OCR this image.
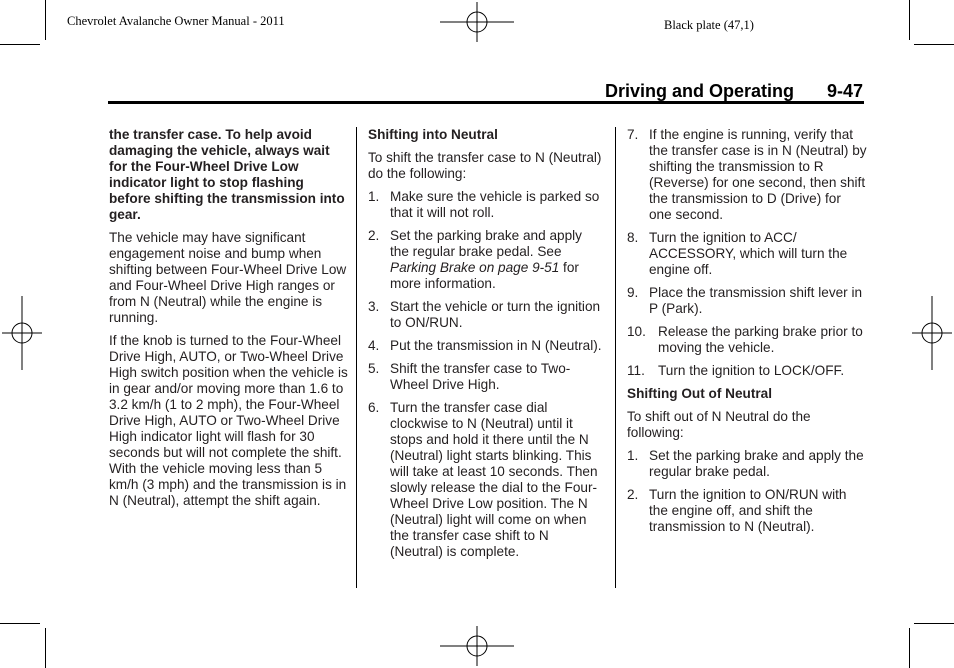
Chevrolet Avalanche Owner Manual - 2011	Black plate (47,1)
Driving and Operating 9-47

the transfer case. To help avoid damaging the vehicle, always wait for the Four-Wheel Drive Low indicator light to stop flashing before shifting the transmission into gear.

The vehicle may have significant engagement noise and bump when shifting between Four-Wheel Drive Low and Four-Wheel Drive High ranges or from N (Neutral) while the engine is running.

If the knob is turned to the Four-Wheel Drive High, AUTO, or Two-Wheel Drive High switch position when the vehicle is in gear and/or moving more than 1.6 to 3.2 km/h (1 to 2 mph), the Four-Wheel Drive High, AUTO or Two-Wheel Drive High indicator light will flash for 30 seconds but will not complete the shift. With the vehicle moving less than 5 km/h (3 mph) and the transmission is in N (Neutral), attempt the shift again.

Shifting into Neutral

To shift the transfer case to N (Neutral) do the following:

1. Make sure the vehicle is parked so that it will not roll.
2. Set the parking brake and apply the regular brake pedal. See Parking Brake on page 9-51 for more information.
3. Start the vehicle or turn the ignition to ON/RUN.
4. Put the transmission in N (Neutral).
5. Shift the transfer case to Two-Wheel Drive High.
6. Turn the transfer case dial clockwise to N (Neutral) until it stops and hold it there until the N (Neutral) light starts blinking. This will take at least 10 seconds. Then slowly release the dial to the Four-Wheel Drive Low position. The N (Neutral) light will come on when the transfer case shift to N (Neutral) is complete.
7. If the engine is running, verify that the transfer case is in N (Neutral) by shifting the transmission to R (Reverse) for one second, then shift the transmission to D (Drive) for one second.
8. Turn the ignition to ACC/ ACCESSORY, which will turn the engine off.
9. Place the transmission shift lever in P (Park).
10. Release the parking brake prior to moving the vehicle.
11. Turn the ignition to LOCK/OFF.
Shifting Out of Neutral

To shift out of N Neutral do the following:

1. Set the parking brake and apply the regular brake pedal.
2. Turn the ignition to ON/RUN with the engine off, and shift the transmission to N (Neutral).
